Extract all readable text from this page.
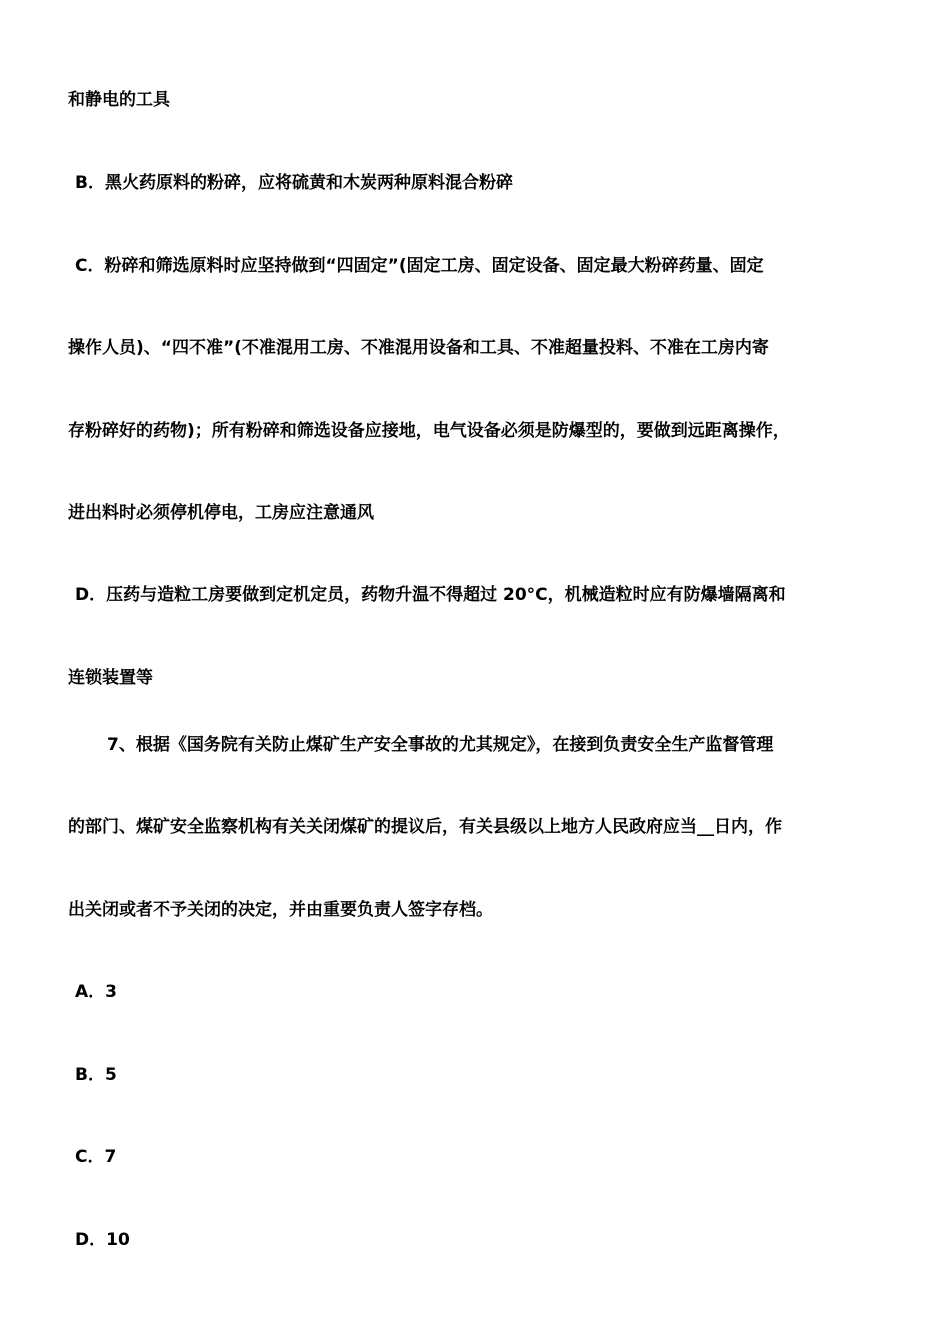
和静电的工具
B．黑火药原料的粉碎，应将硫黄和木炭两种原料混合粉碎
C．粉碎和筛选原料时应坚持做到“四固定”(固定工房、固定设备、固定最大粉碎药量、固定
操作人员)、“四不准”(不准混用工房、不准混用设备和工具、不准超量投料、不准在工房内寄
存粉碎好的药物)；所有粉碎和筛选设备应接地，电气设备必须是防爆型的，要做到远距离操作，
进出料时必须停机停电，工房应注意通风
D．压药与造粒工房要做到定机定员，药物升温不得超过 20°C，机械造粒时应有防爆墙隔离和
连锁装置等
7、根据《国务院有关防止煤矿生产安全事故的尤其规定》，在接到负责安全生产监督管理
的部门、煤矿安全监察机构有关关闭煤矿的提议后，有关县级以上地方人民政府应当__日内，作
出关闭或者不予关闭的决定，并由重要负责人签字存档。
A．3
B．5
C．7
D．10
